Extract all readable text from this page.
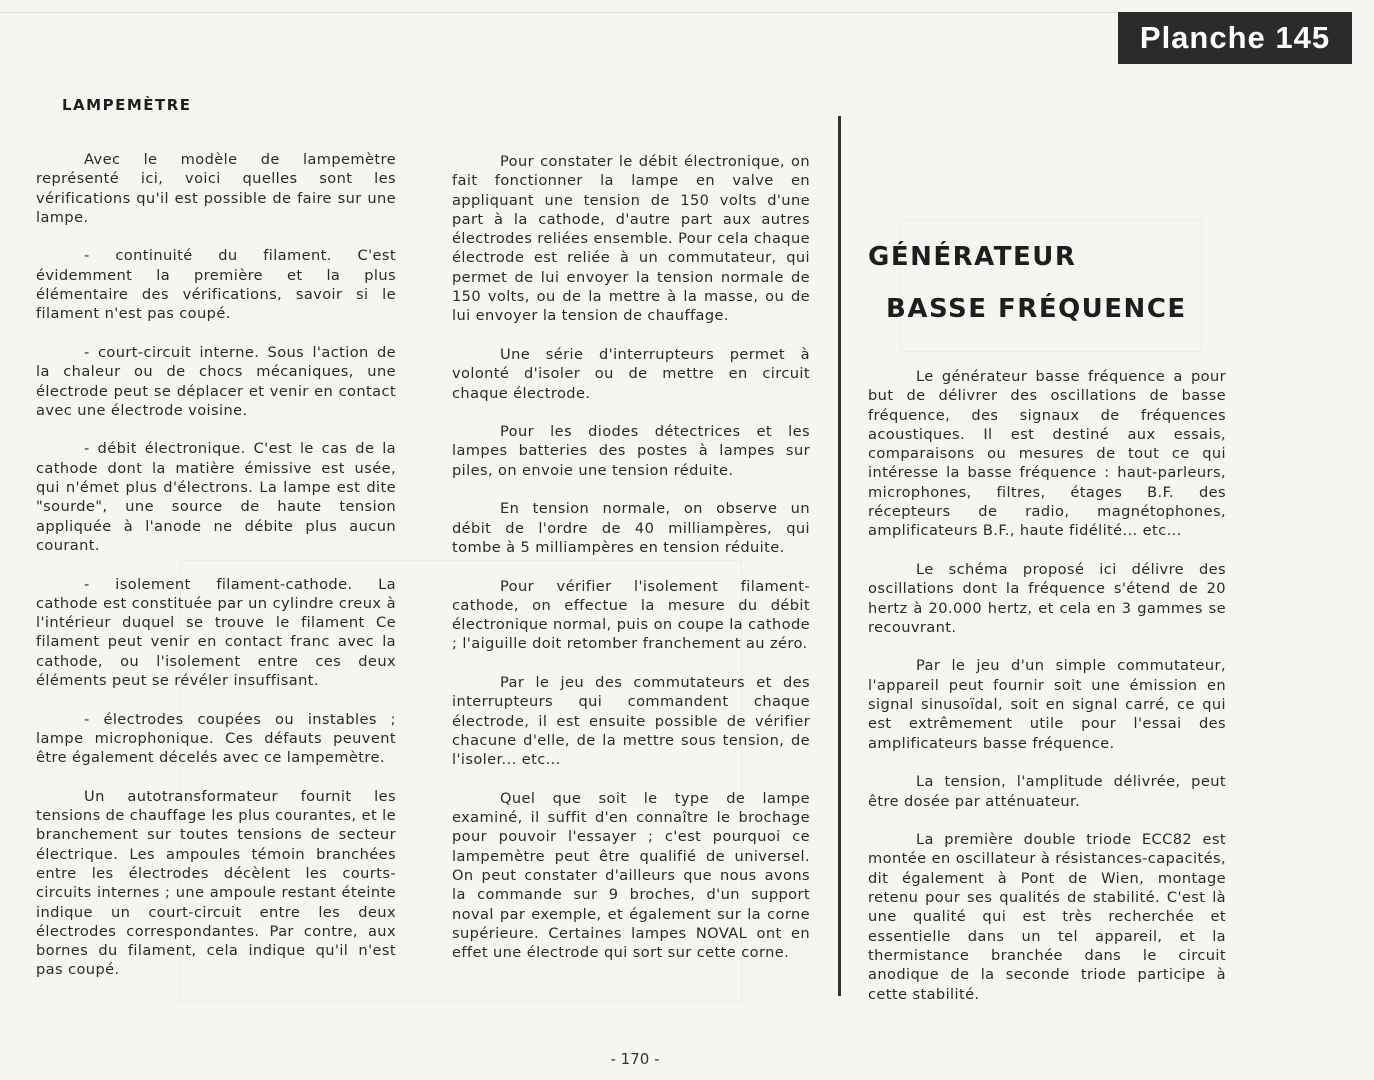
Planche 145
LAMPEMÈTRE

Avec le modèle de lampemètre représenté ici, voici quelles sont les vérifications qu'il est possible de faire sur une lampe.

- continuité du filament. C'est évidemment la première et la plus élémentaire des vérifications, savoir si le filament n'est pas coupé.

- court-circuit interne. Sous l'action de la chaleur ou de chocs mécaniques, une électrode peut se déplacer et venir en contact avec une électrode voisine.

- débit électronique. C'est le cas de la cathode dont la matière émissive est usée, qui n'émet plus d'électrons. La lampe est dite "sourde", une source de haute tension appliquée à l'anode ne débite plus aucun courant.

- isolement filament-cathode. La cathode est constituée par un cylindre creux à l'intérieur duquel se trouve le filament Ce filament peut venir en contact franc avec la cathode, ou l'isolement entre ces deux éléments peut se révéler insuffisant.

- électrodes coupées ou instables ; lampe microphonique. Ces défauts peuvent être également décelés avec ce lampemètre.

Un autotransformateur fournit les tensions de chauffage les plus courantes, et le branchement sur toutes tensions de secteur électrique. Les ampoules témoin branchées entre les électrodes décèlent les courts-circuits internes ; une ampoule restant éteinte indique un court-circuit entre les deux électrodes correspondantes. Par contre, aux bornes du filament, cela indique qu'il n'est pas coupé.

Pour constater le débit électronique, on fait fonctionner la lampe en valve en appliquant une tension de 150 volts d'une part à la cathode, d'autre part aux autres électrodes reliées ensemble. Pour cela chaque électrode est reliée à un commutateur, qui permet de lui envoyer la tension normale de 150 volts, ou de la mettre à la masse, ou de lui envoyer la tension de chauffage.

Une série d'interrupteurs permet à volonté d'isoler ou de mettre en circuit chaque électrode.

Pour les diodes détectrices et les lampes batteries des postes à lampes sur piles, on envoie une tension réduite.

En tension normale, on observe un débit de l'ordre de 40 milliampères, qui tombe à 5 milliampères en tension réduite.

Pour vérifier l'isolement filament-cathode, on effectue la mesure du débit électronique normal, puis on coupe la cathode ; l'aiguille doit retomber franchement au zéro.

Par le jeu des commutateurs et des interrupteurs qui commandent chaque électrode, il est ensuite possible de vérifier chacune d'elle, de la mettre sous tension, de l'isoler... etc...

Quel que soit le type de lampe examiné, il suffit d'en connaître le brochage pour pouvoir l'essayer ; c'est pourquoi ce lampemètre peut être qualifié de universel. On peut constater d'ailleurs que nous avons la commande sur 9 broches, d'un support noval par exemple, et également sur la corne supérieure. Certaines lampes NOVAL ont en effet une électrode qui sort sur cette corne.

GÉNÉRATEUR
BASSE FRÉQUENCE

Le générateur basse fréquence a pour but de délivrer des oscillations de basse fréquence, des signaux de fréquences acoustiques. Il est destiné aux essais, comparaisons ou mesures de tout ce qui intéresse la basse fréquence : haut-parleurs, microphones, filtres, étages B.F. des récepteurs de radio, magnétophones, amplificateurs B.F., haute fidélité... etc...

Le schéma proposé ici délivre des oscillations dont la fréquence s'étend de 20 hertz à 20.000 hertz, et cela en 3 gammes se recouvrant.

Par le jeu d'un simple commutateur, l'appareil peut fournir soit une émission en signal sinusoïdal, soit en signal carré, ce qui est extrêmement utile pour l'essai des amplificateurs basse fréquence.

La tension, l'amplitude délivrée, peut être dosée par atténuateur.

La première double triode ECC82 est montée en oscillateur à résistances-capacités, dit également à Pont de Wien, montage retenu pour ses qualités de stabilité. C'est là une qualité qui est très recherchée et essentielle dans un tel appareil, et la thermistance branchée dans le circuit anodique de la seconde triode participe à cette stabilité.

- 170 -
